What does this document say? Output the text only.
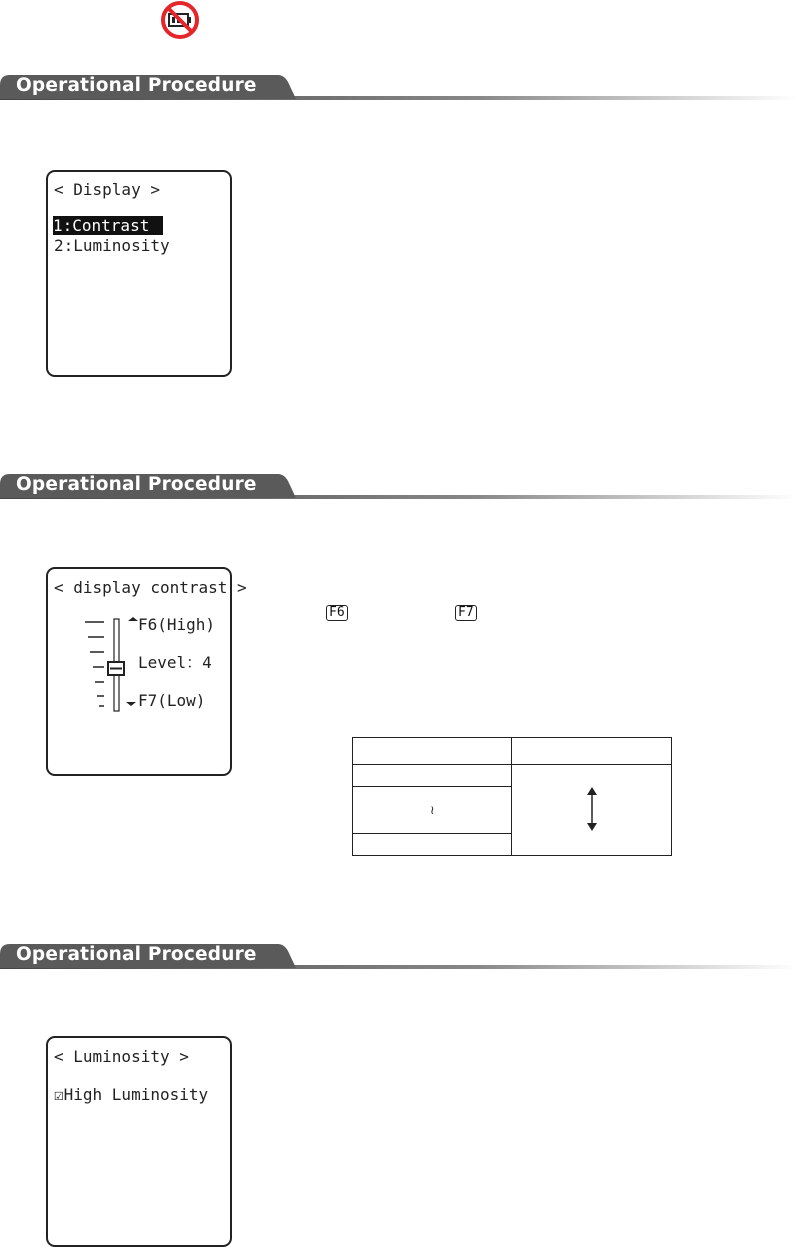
Operational Procedure
< Display >
1:Contrast
2:Luminosity
Operational Procedure
< display contrast >
F6(High)
Level：4
F7(Low)
F6	F7

≀	

Operational Procedure
< Luminosity >
☑High Luminosity
